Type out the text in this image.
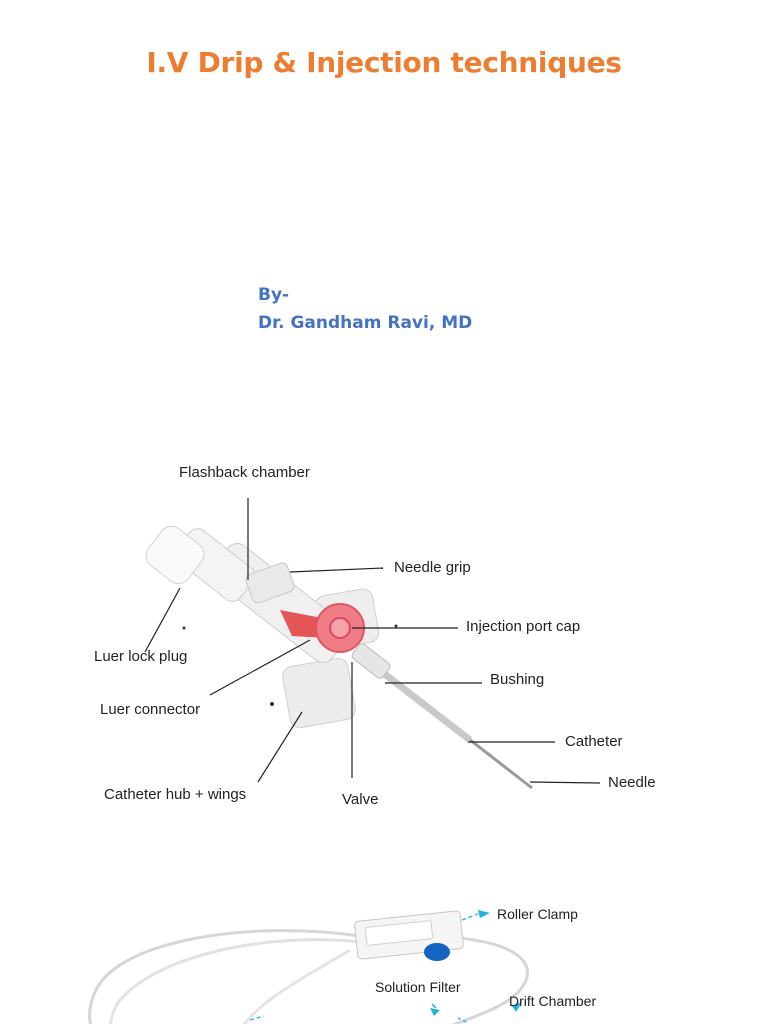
I.V Drip & Injection techniques
By-
Dr. Gandham Ravi, MD
Flashback chamber
Needle grip
Injection port cap
Luer lock plug
Bushing
Luer connector
Catheter
Needle
Catheter hub + wings	Valve
Roller Clamp
Solution Filter
Drift Chamber
